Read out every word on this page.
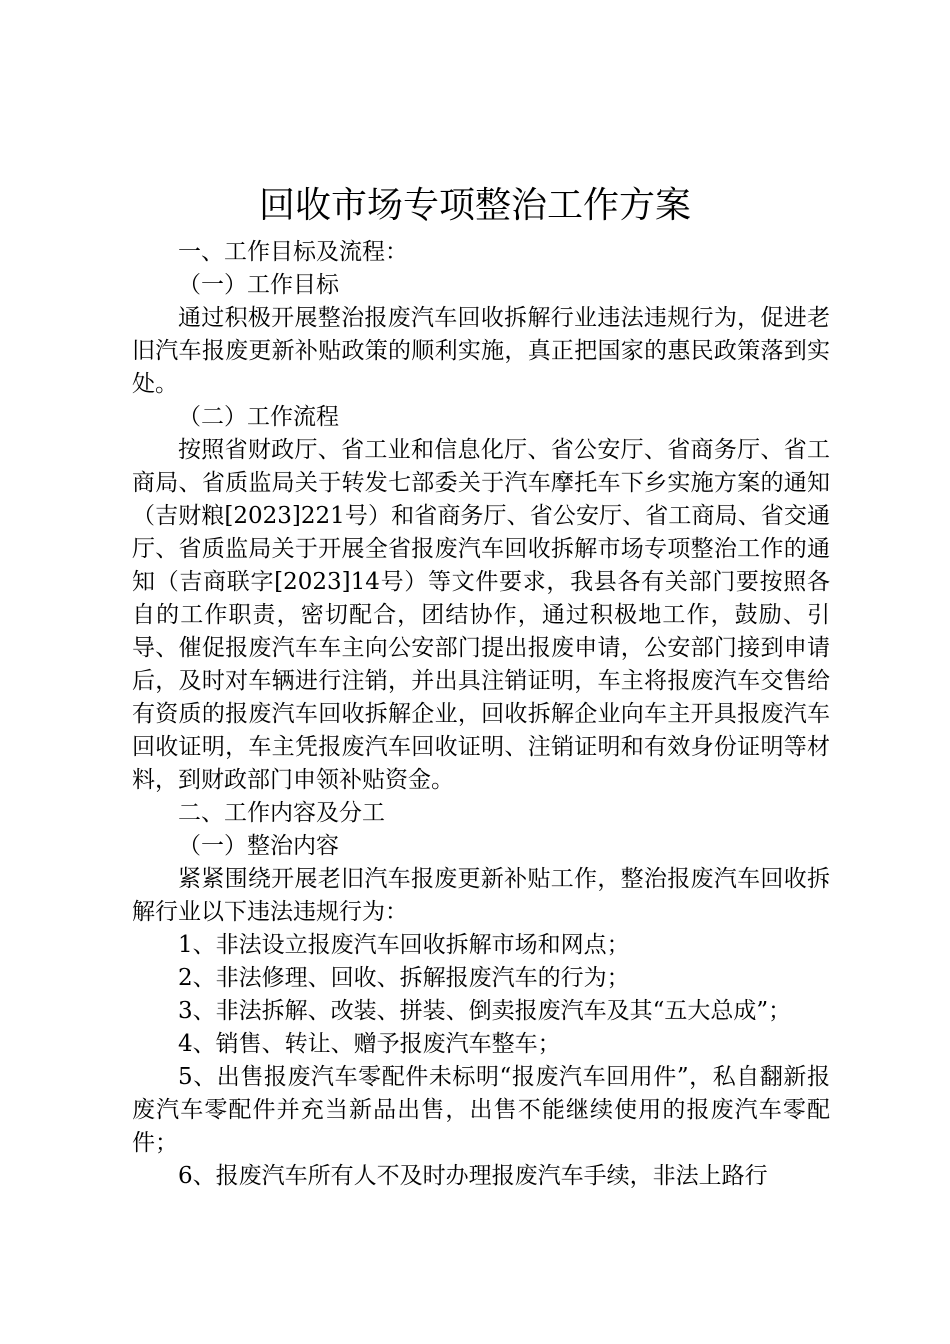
回收市场专项整治工作方案

一、工作目标及流程：

（一）工作目标

通过积极开展整治报废汽车回收拆解行业违法违规行为，促进老旧汽车报废更新补贴政策的顺利实施，真正把国家的惠民政策落到实处。

（二）工作流程

按照省财政厅、省工业和信息化厅、省公安厅、省商务厅、省工商局、省质监局关于转发七部委关于汽车摩托车下乡实施方案的通知（吉财粮[2023]221号）和省商务厅、省公安厅、省工商局、省交通厅、省质监局关于开展全省报废汽车回收拆解市场专项整治工作的通知（吉商联字[2023]14号）等文件要求，我县各有关部门要按照各自的工作职责，密切配合，团结协作，通过积极地工作，鼓励、引导、催促报废汽车车主向公安部门提出报废申请，公安部门接到申请后，及时对车辆进行注销，并出具注销证明，车主将报废汽车交售给有资质的报废汽车回收拆解企业，回收拆解企业向车主开具报废汽车回收证明，车主凭报废汽车回收证明、注销证明和有效身份证明等材料，到财政部门申领补贴资金。

二、工作内容及分工

（一）整治内容

紧紧围绕开展老旧汽车报废更新补贴工作，整治报废汽车回收拆解行业以下违法违规行为：

1、非法设立报废汽车回收拆解市场和网点；

2、非法修理、回收、拆解报废汽车的行为；

3、非法拆解、改装、拼装、倒卖报废汽车及其“五大总成”；

4、销售、转让、赠予报废汽车整车；

5、出售报废汽车零配件未标明“报废汽车回用件”，私自翻新报废汽车零配件并充当新品出售，出售不能继续使用的报废汽车零配件；

6、报废汽车所有人不及时办理报废汽车手续，非法上路行
